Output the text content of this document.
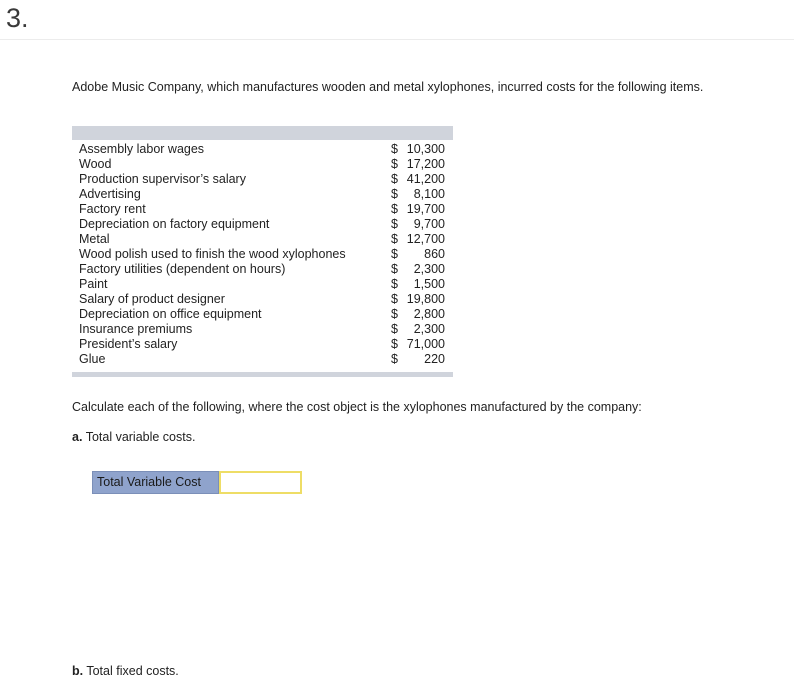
3.
Adobe Music Company, which manufactures wooden and metal xylophones, incurred costs for the following items.
Assembly labor wages	$ 10,300
Wood	$ 17,200
Production supervisor’s salary	$ 41,200
Advertising	$ 8,100
Factory rent	$ 19,700
Depreciation on factory equipment	$ 9,700
Metal	$ 12,700
Wood polish used to finish the wood xylophones	$ 860
Factory utilities (dependent on hours)	$ 2,300
Paint	$ 1,500
Salary of product designer	$ 19,800
Depreciation on office equipment	$ 2,800
Insurance premiums	$ 2,300
President’s salary	$ 71,000
Glue	$ 220
Calculate each of the following, where the cost object is the xylophones manufactured by the company:
a. Total variable costs.
Total Variable Cost
b. Total fixed costs.
